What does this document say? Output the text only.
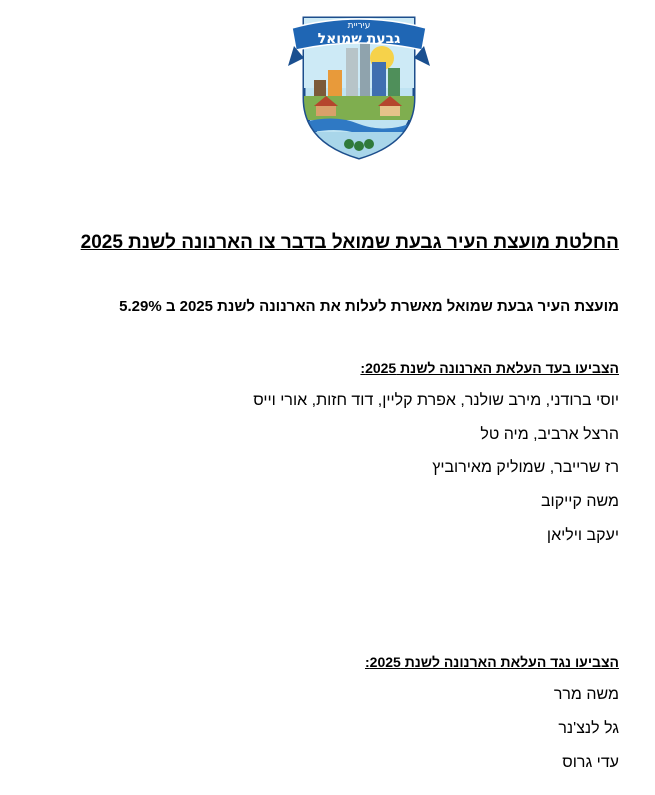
עיריית
גבעת שמואל
החלטת מועצת העיר גבעת שמואל בדבר צו הארנונה לשנת 2025
מועצת העיר גבעת שמואל מאשרת לעלות את הארנונה לשנת 2025 ב 5.29%
הצביעו בעד העלאת הארנונה לשנת 2025:
יוסי ברודני, מירב שולנר, אפרת קליין, דוד חזות, אורי וייס
הרצל ארביב, מיה טל
רז שרייבר, שמוליק מאירוביץ
משה קייקוב
יעקב ויליאן
הצביעו נגד העלאת הארנונה לשנת 2025:
משה מרר
גל לנצ'נר
עדי גרוס
